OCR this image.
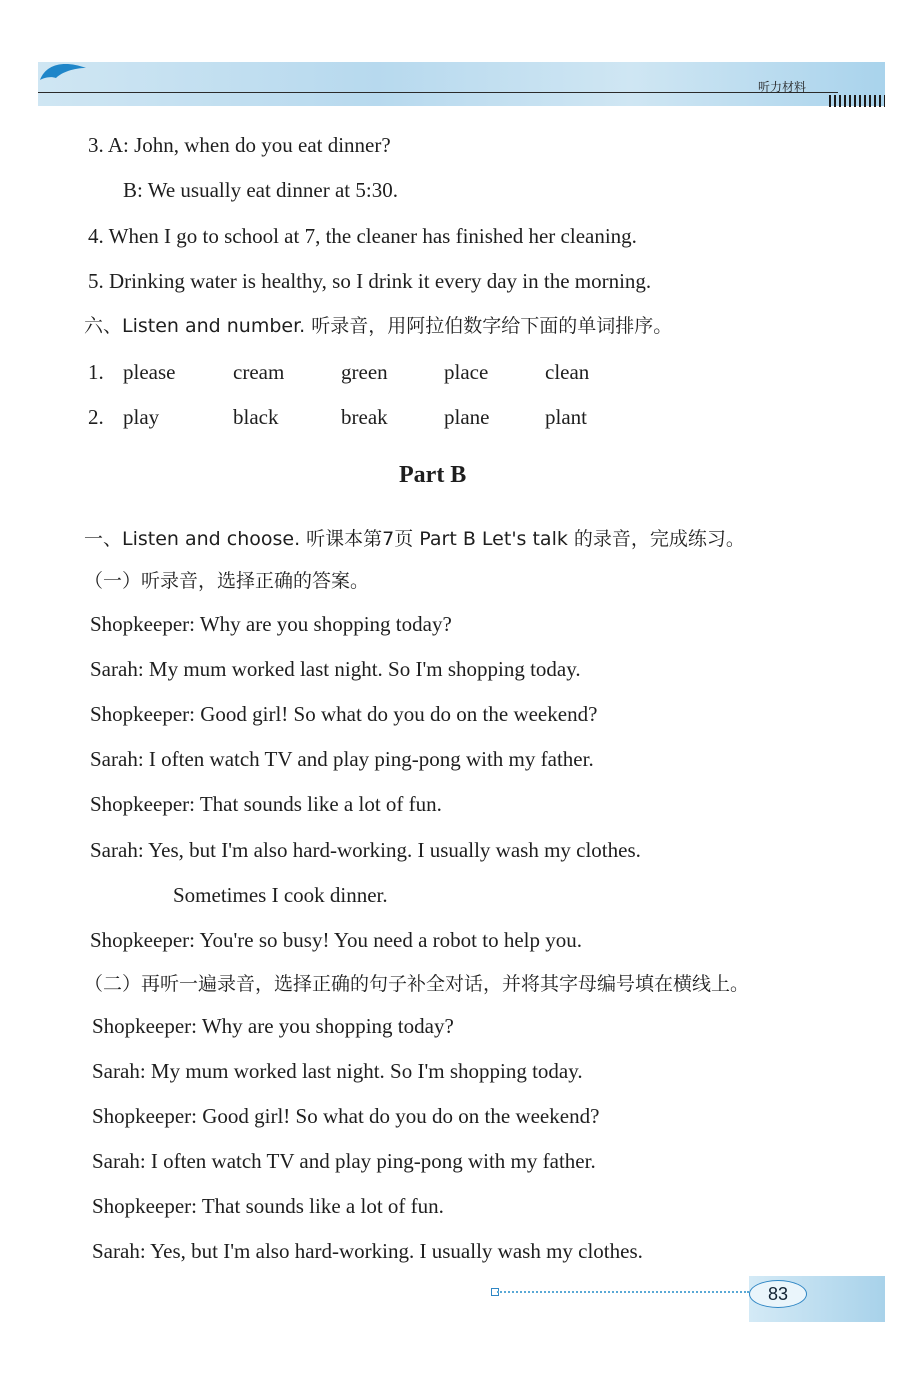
听力材料
3. A: John, when do you eat dinner?
B: We usually eat dinner at 5:30.
4. When I go to school at 7, the cleaner has finished her cleaning.
5. Drinking water is healthy, so I drink it every day in the morning.
六、Listen and number. 听录音，用阿拉伯数字给下面的单词排序。
1. please	cream	green	place	clean
2. play	black	break	plane	plant
Part B
一、Listen and choose. 听课本第7页 Part B Let's talk 的录音，完成练习。
（一）听录音，选择正确的答案。
Shopkeeper: Why are you shopping today?
Sarah: My mum worked last night. So I'm shopping today.
Shopkeeper: Good girl! So what do you do on the weekend?
Sarah: I often watch TV and play ping-pong with my father.
Shopkeeper: That sounds like a lot of fun.
Sarah: Yes, but I'm also hard-working. I usually wash my clothes.
Sometimes I cook dinner.
Shopkeeper: You're so busy! You need a robot to help you.
（二）再听一遍录音，选择正确的句子补全对话，并将其字母编号填在横线上。
Shopkeeper: Why are you shopping today?
Sarah: My mum worked last night. So I'm shopping today.
Shopkeeper: Good girl! So what do you do on the weekend?
Sarah: I often watch TV and play ping-pong with my father.
Shopkeeper: That sounds like a lot of fun.
Sarah: Yes, but I'm also hard-working. I usually wash my clothes.
83
